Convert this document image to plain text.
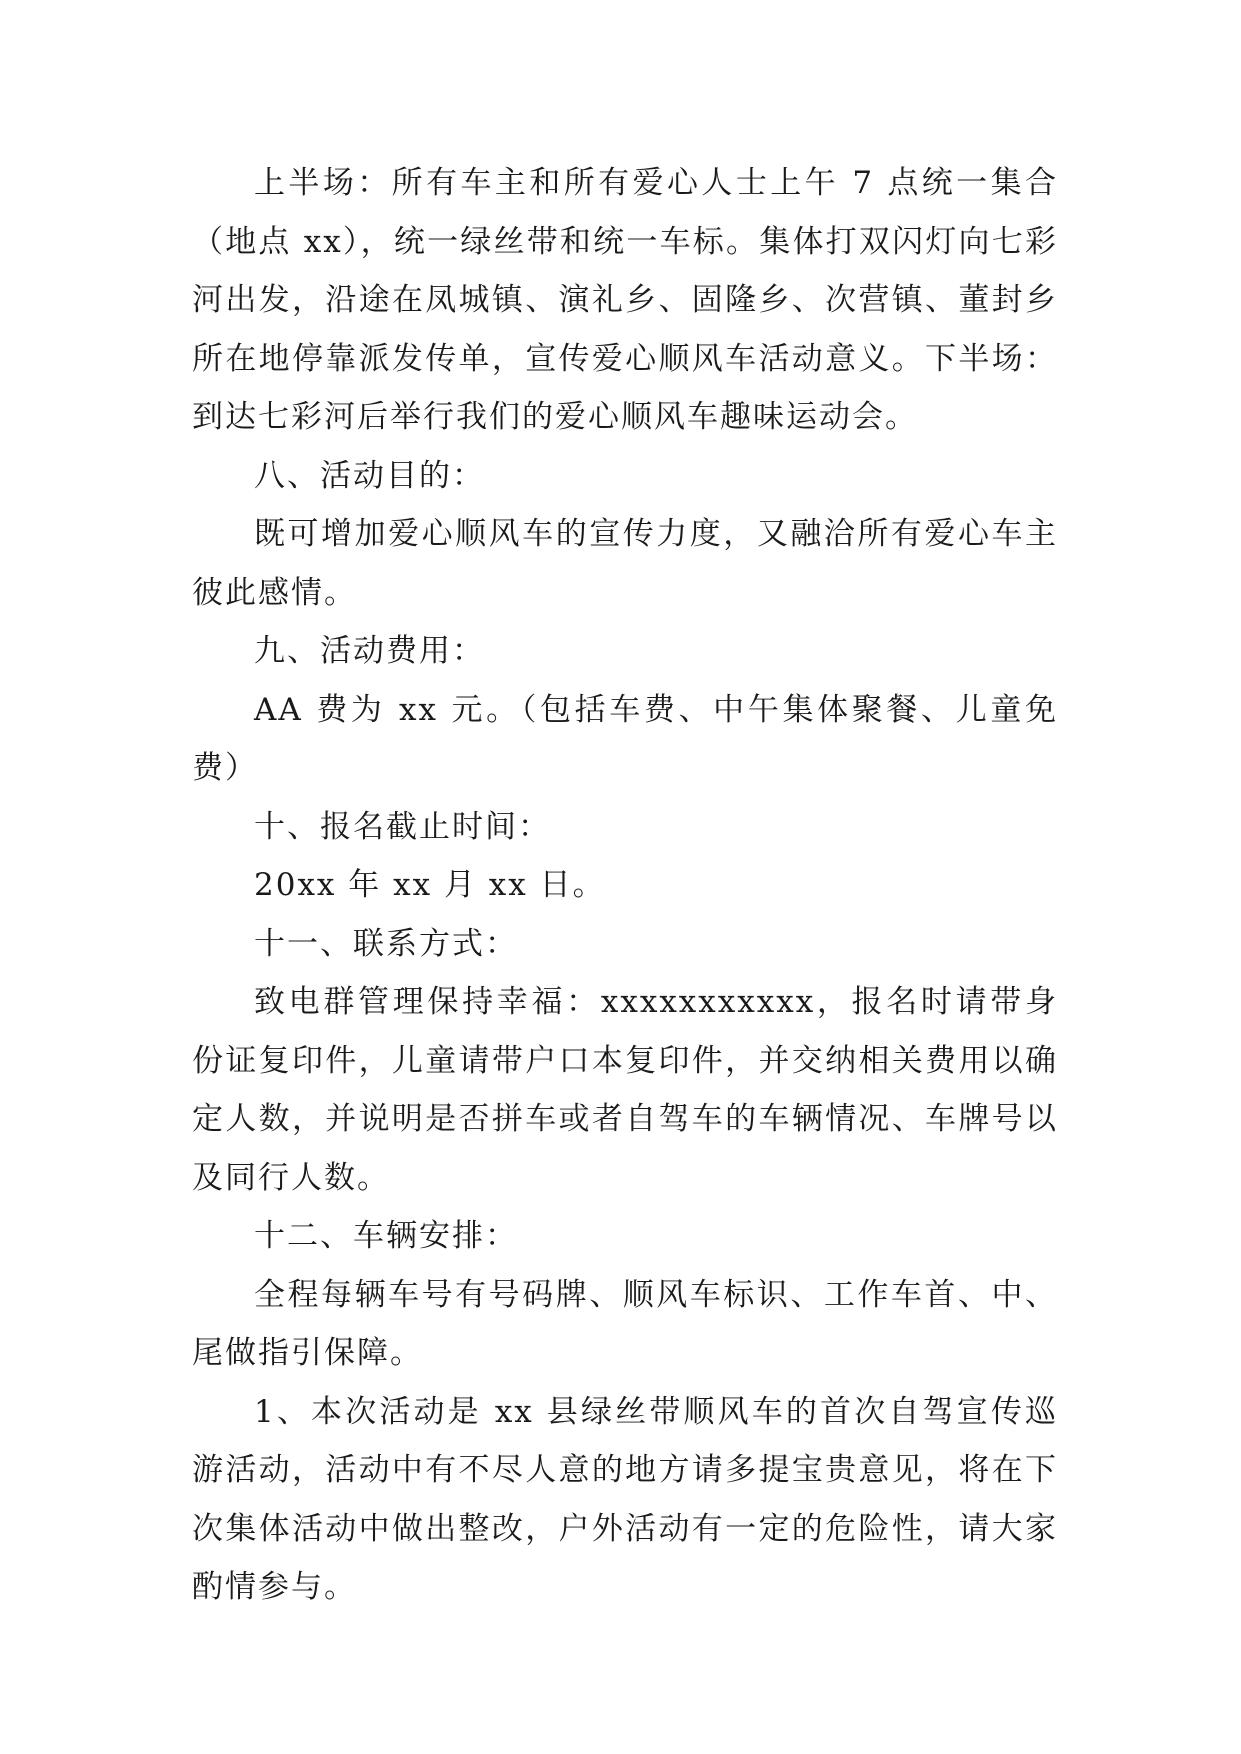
上半场：所有车主和所有爱心人士上午 7 点统一集合（地点 xx），统一绿丝带和统一车标。集体打双闪灯向七彩河出发，沿途在凤城镇、演礼乡、固隆乡、次营镇、董封乡所在地停靠派发传单，宣传爱心顺风车活动意义。下半场：到达七彩河后举行我们的爱心顺风车趣味运动会。

八、活动目的：

既可增加爱心顺风车的宣传力度，又融洽所有爱心车主彼此感情。

九、活动费用：

AA 费为 xx 元。（包括车费、中午集体聚餐、儿童免费）

十、报名截止时间：

20xx 年 xx 月 xx 日。

十一、联系方式：

致电群管理保持幸福：xxxxxxxxxxx，报名时请带身份证复印件，儿童请带户口本复印件，并交纳相关费用以确定人数，并说明是否拼车或者自驾车的车辆情况、车牌号以及同行人数。

十二、车辆安排：

全程每辆车号有号码牌、顺风车标识、工作车首、中、尾做指引保障。

1、本次活动是 xx 县绿丝带顺风车的首次自驾宣传巡游活动，活动中有不尽人意的地方请多提宝贵意见，将在下次集体活动中做出整改，户外活动有一定的危险性，请大家酌情参与。
